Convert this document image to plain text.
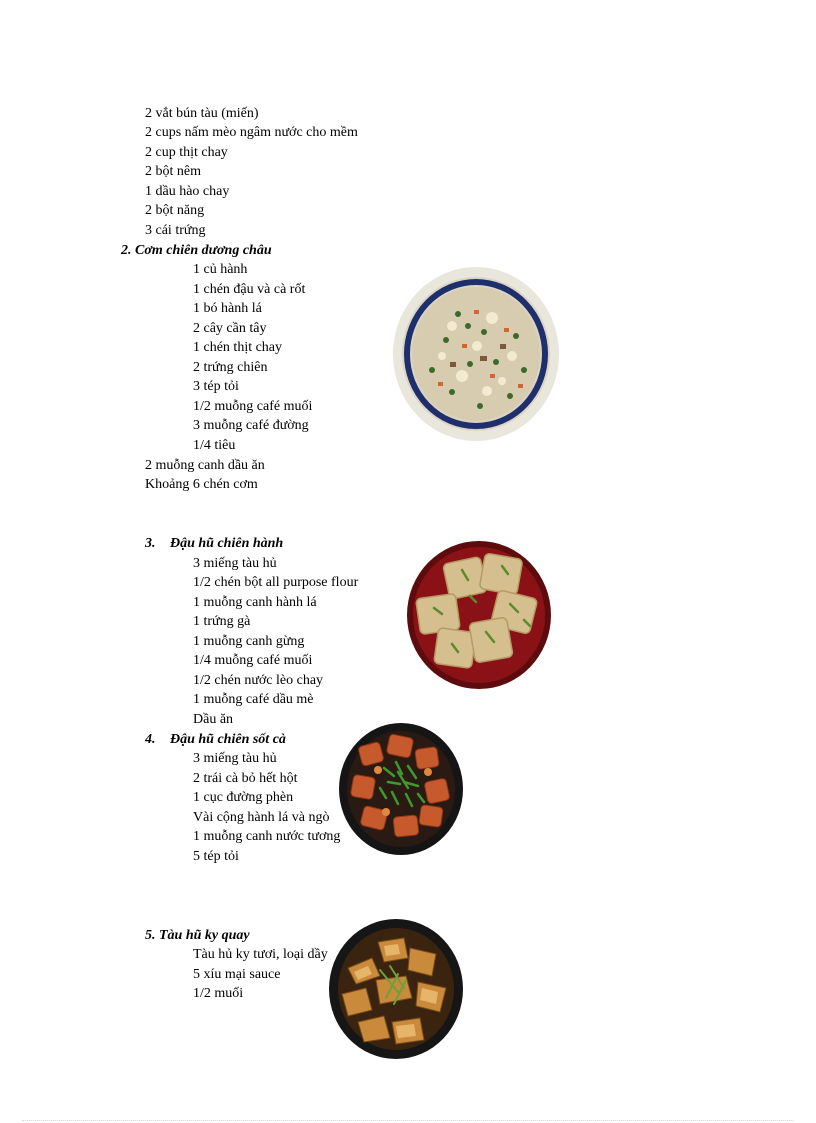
2 vắt bún tàu (miến)
2 cups nấm mèo ngâm nước cho mềm
2 cup thịt chay
2 bột nêm
1 dầu hào chay
2 bột năng
3 cái trứng
2. Cơm chiên dương châu
1 củ hành
1 chén đậu và cà rốt
1 bó hành lá
2 cây cần tây
1 chén thịt chay
2 trứng chiên
3 tép tỏi
1/2 muỗng café muối
3 muỗng café đường
1/4 tiêu
2 muỗng canh dầu ăn
Khoảng 6 chén cơm
3. Đậu hũ chiên hành
3 miếng tàu hủ
1/2 chén bột all purpose flour
1 muỗng canh hành lá
1 trứng gà
1 muỗng canh gừng
1/4 muỗng café muối
1/2 chén nước lèo chay
1 muỗng café dầu mè
Dầu ăn
4. Đậu hũ chiên sốt cà
3 miếng tàu hủ
2 trái cà bỏ hết hột
1 cục đường phèn
Vài cộng hành lá và ngò
1 muỗng canh nước tương
5 tép tỏi
5. Tàu hũ ky quay
Tàu hủ ky tươi, loại dầy
5 xíu mại sauce
1/2 muối
